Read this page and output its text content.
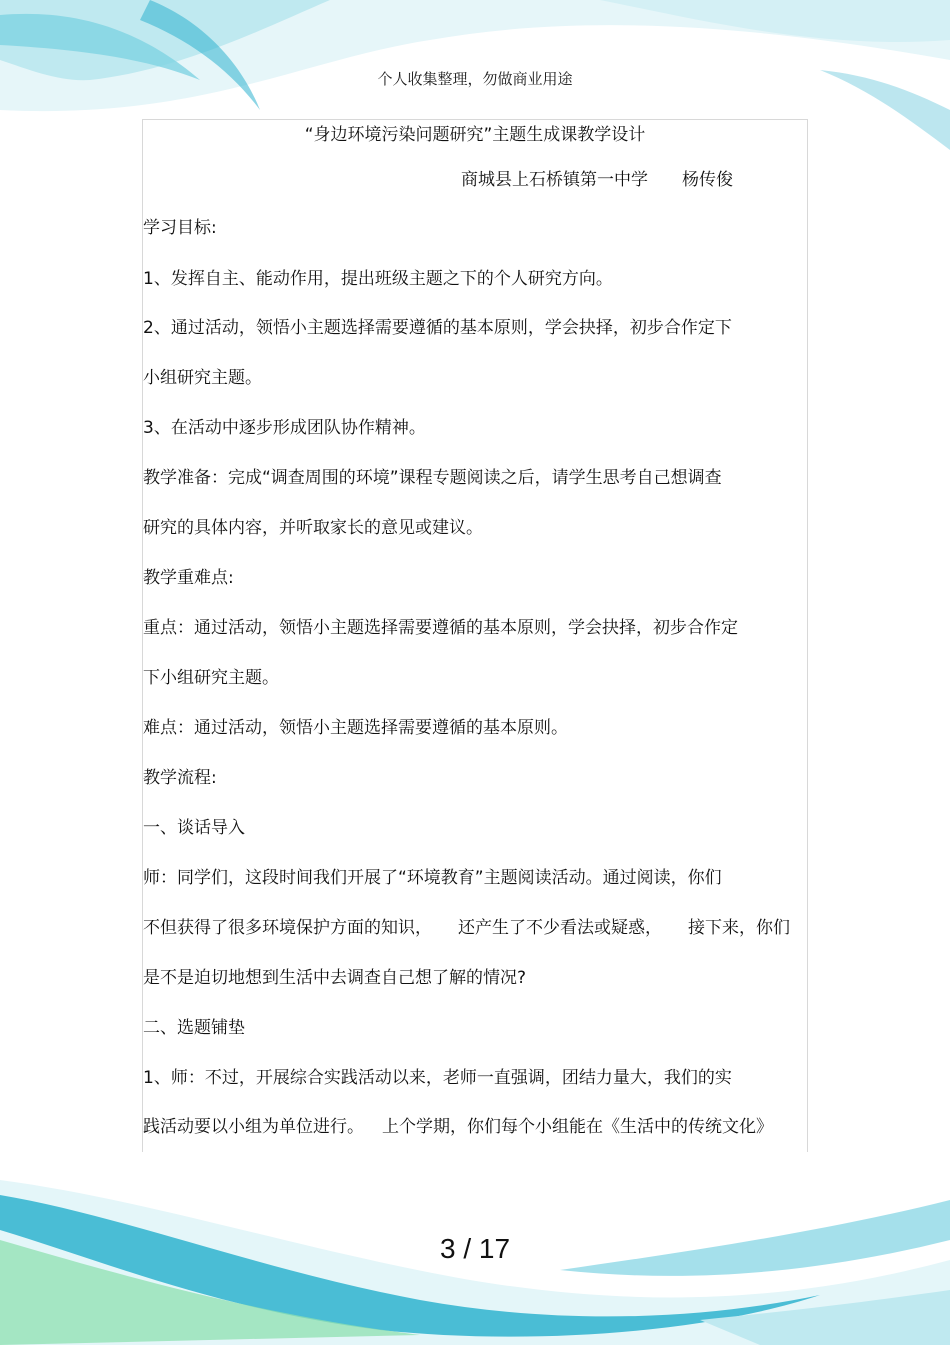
个人收集整理，勿做商业用途
“身边环境污染问题研究”主题生成课教学设计
商城县上石桥镇第一中学 杨传俊
学习目标:
1、发挥自主、能动作用，提出班级主题之下的个人研究方向。
2、通过活动，领悟小主题选择需要遵循的基本原则，学会抉择，初步合作定下
小组研究主题。
3、在活动中逐步形成团队协作精神。
教学准备：完成“调查周围的环境”课程专题阅读之后，请学生思考自己想调查
研究的具体内容，并听取家长的意见或建议。
教学重难点:
重点：通过活动，领悟小主题选择需要遵循的基本原则，学会抉择，初步合作定
下小组研究主题。
难点：通过活动，领悟小主题选择需要遵循的基本原则。
教学流程:
一、谈话导入
师：同学们，这段时间我们开展了“环境教育”主题阅读活动。通过阅读，你们
不但获得了很多环境保护方面的知识， 还产生了不少看法或疑惑， 接下来，你们
是不是迫切地想到生活中去调查自己想了解的情况?
二、选题铺垫
1、师：不过，开展综合实践活动以来，老师一直强调，团结力量大，我们的实
践活动要以小组为单位进行。 上个学期，你们每个小组能在《生活中的传统文化》
3 / 17
